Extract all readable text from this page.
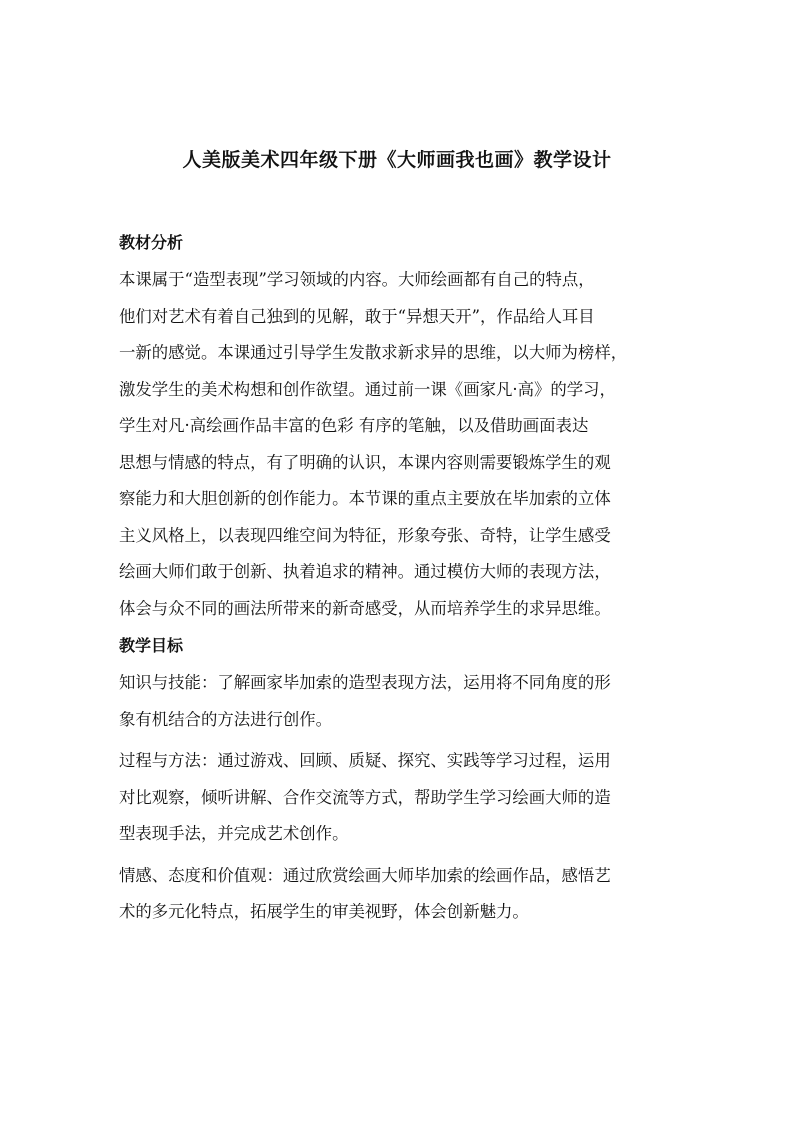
人美版美术四年级下册《大师画我也画》教学设计
教材分析

本课属于“造型表现”学习领域的内容。大师绘画都有自己的特点，
他们对艺术有着自己独到的见解，敢于“异想天开”，作品给人耳目
一新的感觉。本课通过引导学生发散求新求异的思维，以大师为榜样，
激发学生的美术构想和创作欲望。通过前一课《画家凡·高》的学习，
学生对凡·高绘画作品丰富的色彩 有序的笔触，以及借助画面表达
思想与情感的特点，有了明确的认识，本课内容则需要锻炼学生的观
察能力和大胆创新的创作能力。本节课的重点主要放在毕加索的立体
主义风格上，以表现四维空间为特征，形象夸张、奇特，让学生感受
绘画大师们敢于创新、执着追求的精神。通过模仿大师的表现方法，
体会与众不同的画法所带来的新奇感受，从而培养学生的求异思维。

教学目标

知识与技能：了解画家毕加索的造型表现方法，运用将不同角度的形
象有机结合的方法进行创作。

过程与方法：通过游戏、回顾、质疑、探究、实践等学习过程，运用
对比观察，倾听讲解、合作交流等方式，帮助学生学习绘画大师的造
型表现手法，并完成艺术创作。

情感、态度和价值观：通过欣赏绘画大师毕加索的绘画作品，感悟艺
术的多元化特点，拓展学生的审美视野，体会创新魅力。
